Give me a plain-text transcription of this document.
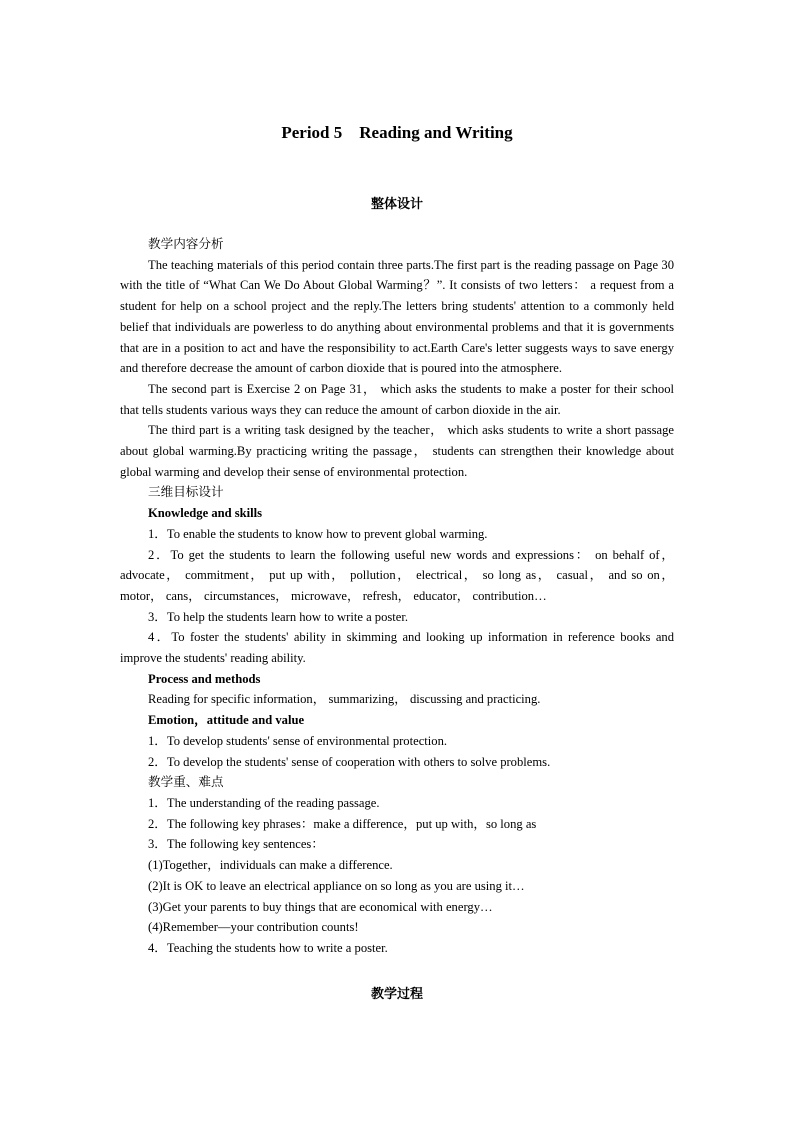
Period 5    Reading and Writing
整体设计

教学内容分析

The teaching materials of this period contain three parts.The first part is the reading passage on Page 30 with the title of “What Can We Do About Global Warming？”. It consists of two letters： a request from a student for help on a school project and the reply.The letters bring students' attention to a commonly held belief that individuals are powerless to do anything about environmental problems and that it is governments that are in a position to act and have the responsibility to act.Earth Care's letter suggests ways to save energy and therefore decrease the amount of carbon dioxide that is poured into the atmosphere.

The second part is Exercise 2 on Page 31， which asks the students to make a poster for their school that tells students various ways they can reduce the amount of carbon dioxide in the air.

The third part is a writing task designed by the teacher， which asks students to write a short passage about global warming.By practicing writing the passage， students can strengthen their knowledge about global warming and develop their sense of environmental protection.

三维目标设计

Knowledge and skills

1．To enable the students to know how to prevent global warming.

2．To get the students to learn the following useful new words and expressions： on behalf of， advocate， commitment， put up with， pollution， electrical， so long as， casual， and so on， motor， cans， circumstances， microwave， refresh， educator， contribution…

3．To help the students learn how to write a poster.

4．To foster the students' ability in skimming and looking up information in reference books and improve the students' reading ability.

Process and methods

Reading for specific information， summarizing， discussing and practicing.

Emotion，attitude and value

1．To develop students' sense of environmental protection.

2．To develop the students' sense of cooperation with others to solve problems.

教学重、难点

1．The understanding of the reading passage.

2．The following key phrases：make a difference，put up with，so long as

3．The following key sentences：

(1)Together，individuals can make a difference.

(2)It is OK to leave an electrical appliance on so long as you are using it…

(3)Get your parents to buy things that are economical with energy…

(4)Remember—your contribution counts!

4．Teaching the students how to write a poster.

教学过程
